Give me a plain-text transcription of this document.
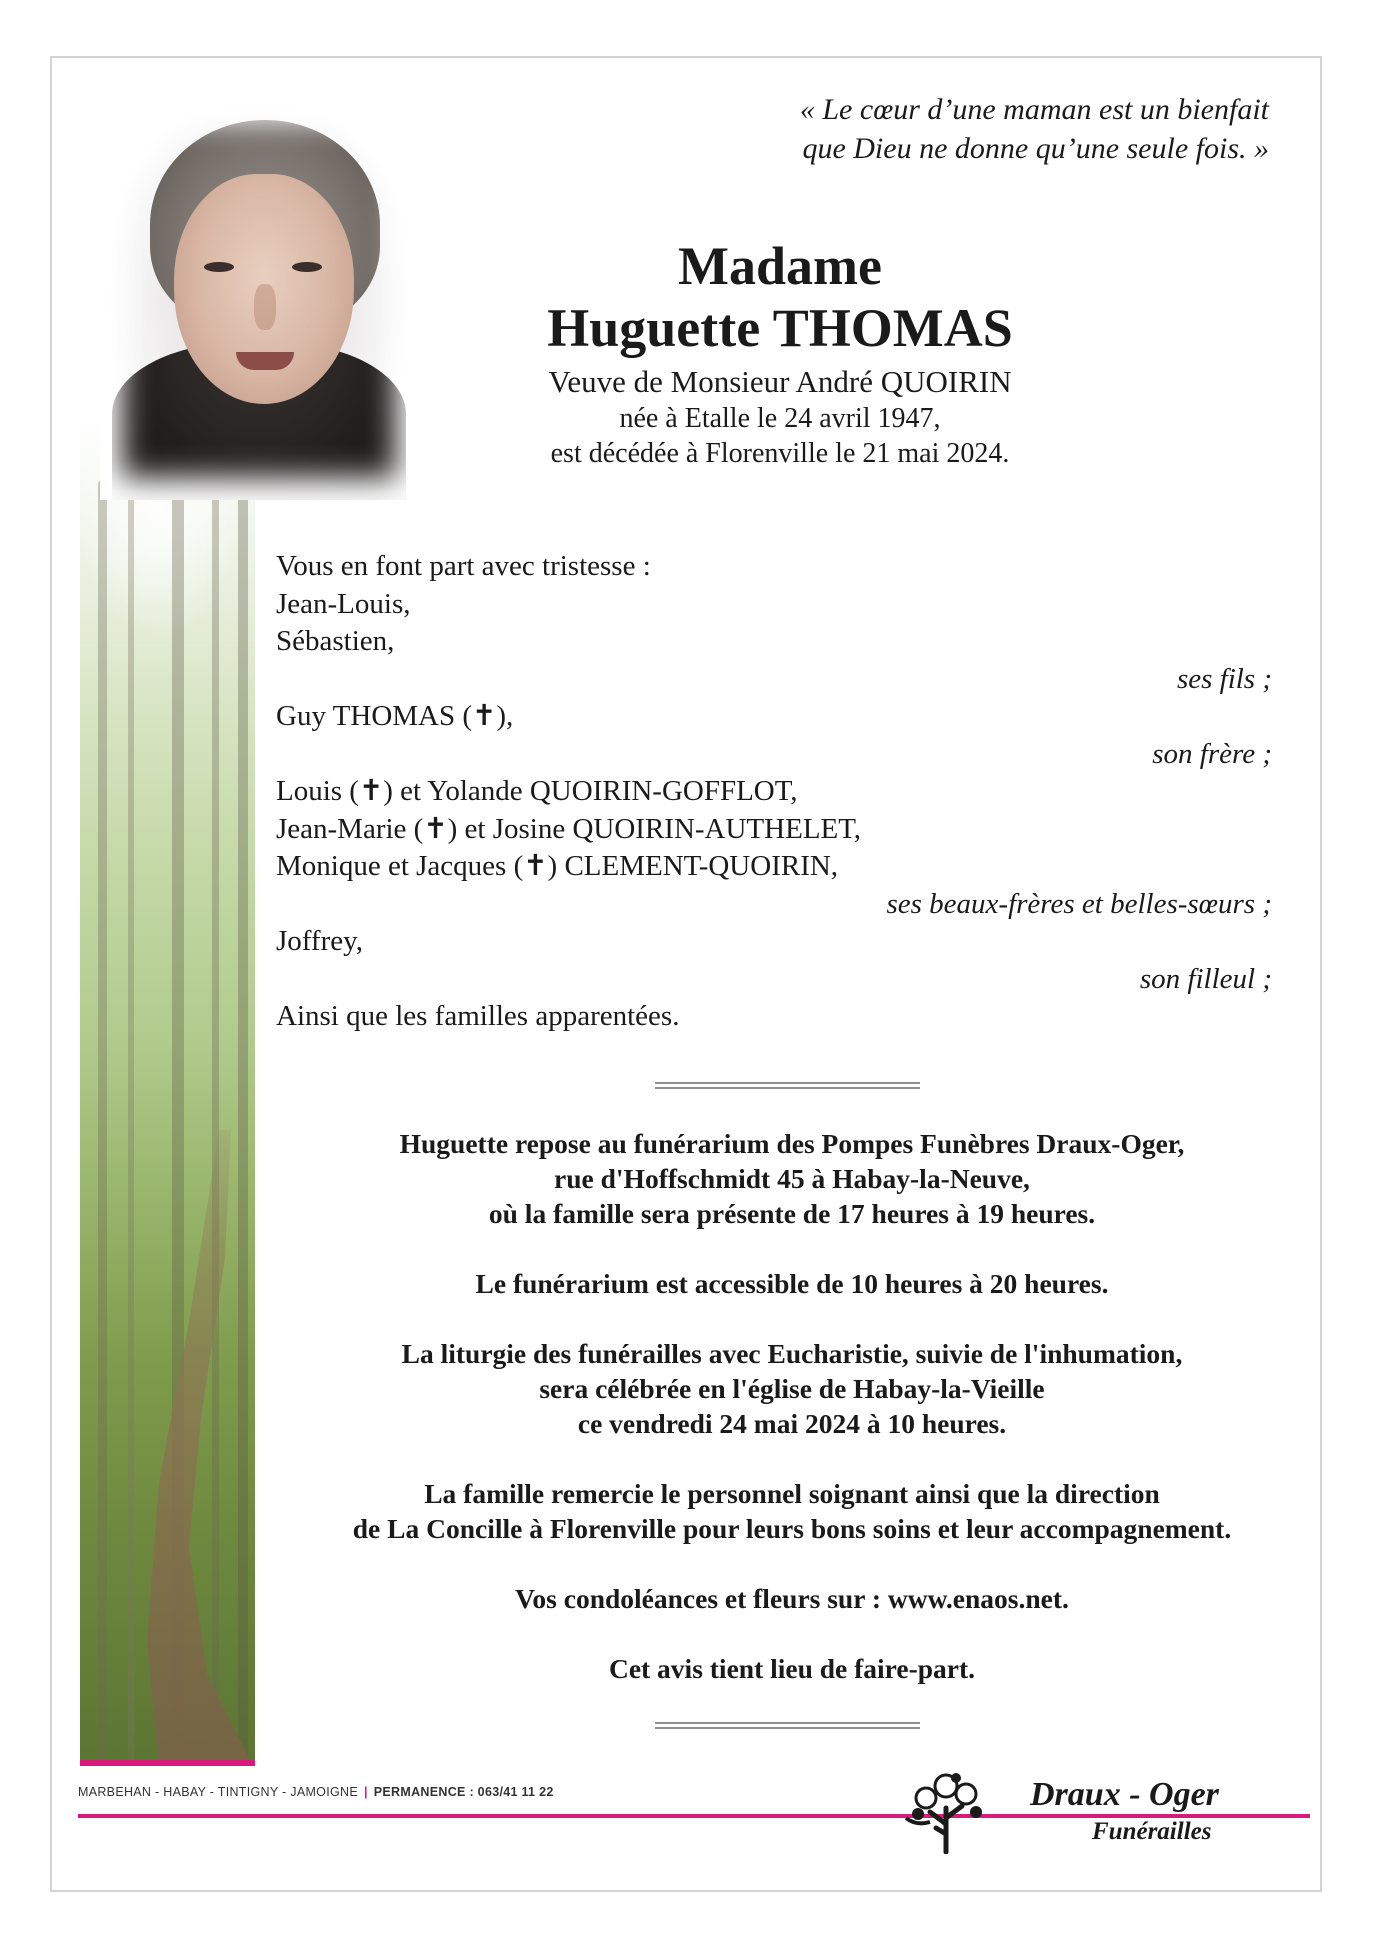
« Le cœur d’une maman est un bienfait
que Dieu ne donne qu’une seule fois. »
Madame
Huguette THOMAS
Veuve de Monsieur André QUOIRIN
née à Etalle le 24 avril 1947,
est décédée à Florenville le 21 mai 2024.
Vous en font part avec tristesse :
Jean-Louis,
Sébastien,
ses fils ;
Guy THOMAS (✝),
son frère ;
Louis (✝) et Yolande QUOIRIN-GOFFLOT,
Jean-Marie (✝) et Josine QUOIRIN-AUTHELET,
Monique et Jacques (✝) CLEMENT-QUOIRIN,
ses beaux-frères et belles-sœurs ;
Joffrey,
son filleul ;
Ainsi que les familles apparentées.
Huguette repose au funérarium des Pompes Funèbres Draux-Oger,
rue d'Hoffschmidt 45 à Habay-la-Neuve,
où la famille sera présente de 17 heures à 19 heures.
Le funérarium est accessible de 10 heures à 20 heures.
La liturgie des funérailles avec Eucharistie, suivie de l'inhumation,
sera célébrée en l'église de Habay-la-Vieille
ce vendredi 24 mai 2024 à 10 heures.
La famille remercie le personnel soignant ainsi que la direction
de La Concille à Florenville pour leurs bons soins et leur accompagnement.
Vos condoléances et fleurs sur : www.enaos.net.
Cet avis tient lieu de faire-part.
MARBEHAN - HABAY - TINTIGNY - JAMOIGNE | PERMANENCE : 063/41 11 22	Draux - Oger
Funérailles
